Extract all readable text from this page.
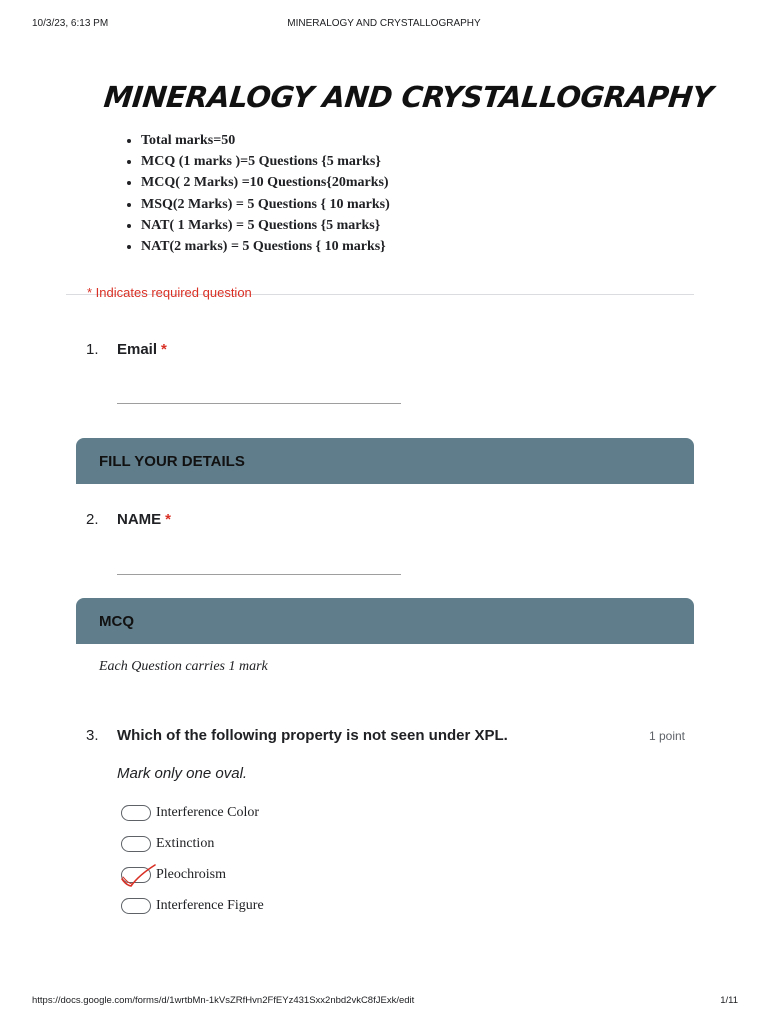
10/3/23, 6:13 PM	MINERALOGY AND CRYSTALLOGRAPHY
MINERALOGY AND CRYSTALLOGRAPHY
• Total marks=50
• MCQ (1 marks )=5 Questions {5 marks}
• MCQ( 2 Marks) =10 Questions{20marks)
• MSQ(2 Marks) = 5 Questions { 10 marks)
• NAT( 1 Marks) = 5 Questions {5 marks}
• NAT(2 marks) = 5 Questions { 10 marks}
* Indicates required question
1. Email *
FILL YOUR DETAILS
2. NAME *
MCQ
Each Question carries 1 mark
3. Which of the following property is not seen under XPL.	1 point
Mark only one oval.
Interference Color
Extinction
Pleochroism
Interference Figure
https://docs.google.com/forms/d/1wrtbMn-1kVsZRfHvn2FfEYz431Sxx2nbd2vkC8fJExk/edit	1/11
